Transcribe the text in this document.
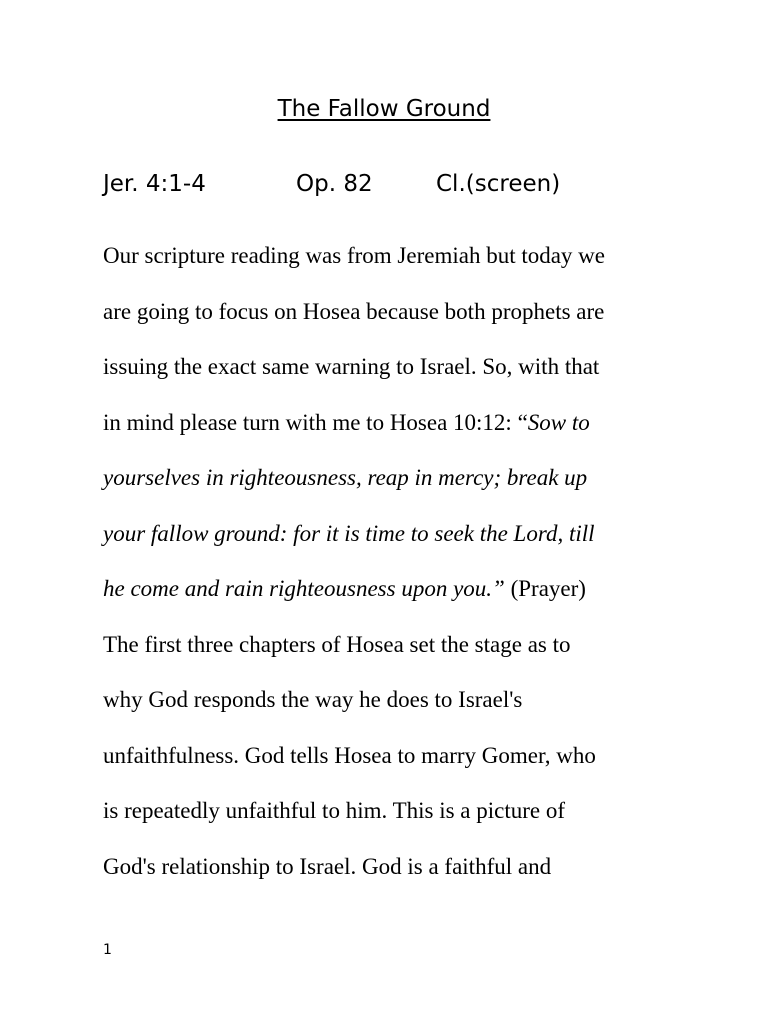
The Fallow Ground
Jer. 4:1-4	Op. 82	Cl.(screen)
Our scripture reading was from Jeremiah but today we
are going to focus on Hosea because both prophets are
issuing the exact same warning to Israel. So, with that
in mind please turn with me to Hosea 10:12: “Sow to
yourselves in righteousness, reap in mercy; break up
your fallow ground: for it is time to seek the Lord, till
he come and rain righteousness upon you.” (Prayer)
The first three chapters of Hosea set the stage as to
why God responds the way he does to Israel's
unfaithfulness. God tells Hosea to marry Gomer, who
is repeatedly unfaithful to him. This is a picture of
God's relationship to Israel. God is a faithful and
1
